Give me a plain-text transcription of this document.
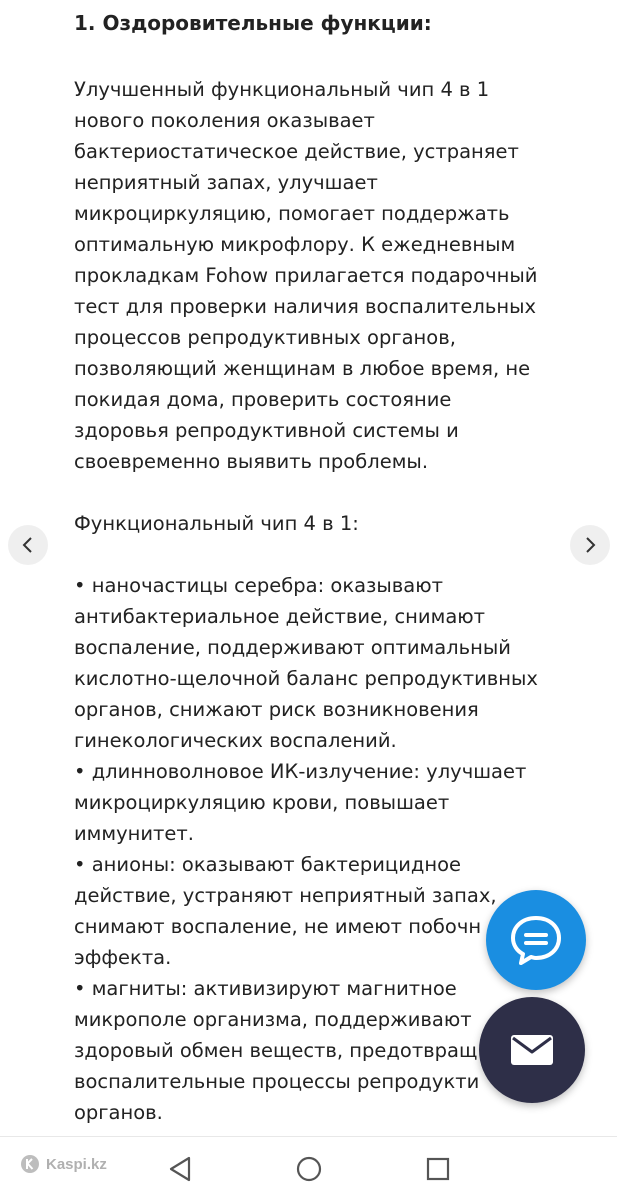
1. Оздоровительные функции:

Улучшенный функциональный чип 4 в 1
нового поколения оказывает
бактериостатическое действие, устраняет
неприятный запах, улучшает
микроциркуляцию, помогает поддержать
оптимальную микрофлору. К ежедневным
прокладкам Fohow прилагается подарочный
тест для проверки наличия воспалительных
процессов репродуктивных органов,
позволяющий женщинам в любое время, не
покидая дома, проверить состояние
здоровья репродуктивной системы и
своевременно выявить проблемы.

Функциональный чип 4 в 1:

• наночастицы серебра: оказывают
антибактериальное действие, снимают
воспаление, поддерживают оптимальный
кислотно-щелочной баланс репродуктивных
органов, снижают риск возникновения
гинекологических воспалений.

• длинноволновое ИК-излучение: улучшает
микроциркуляцию крови, повышает
иммунитет.

• анионы: оказывают бактерицидное
действие, устраняют неприятный запах,
снимают воспаление, не имеют побочн
эффекта.

• магниты: активизируют магнитное
микрополе организма, поддерживают
здоровый обмен веществ, предотвращ
воспалительные процессы репродукти
органов.

Kaspi.kz
